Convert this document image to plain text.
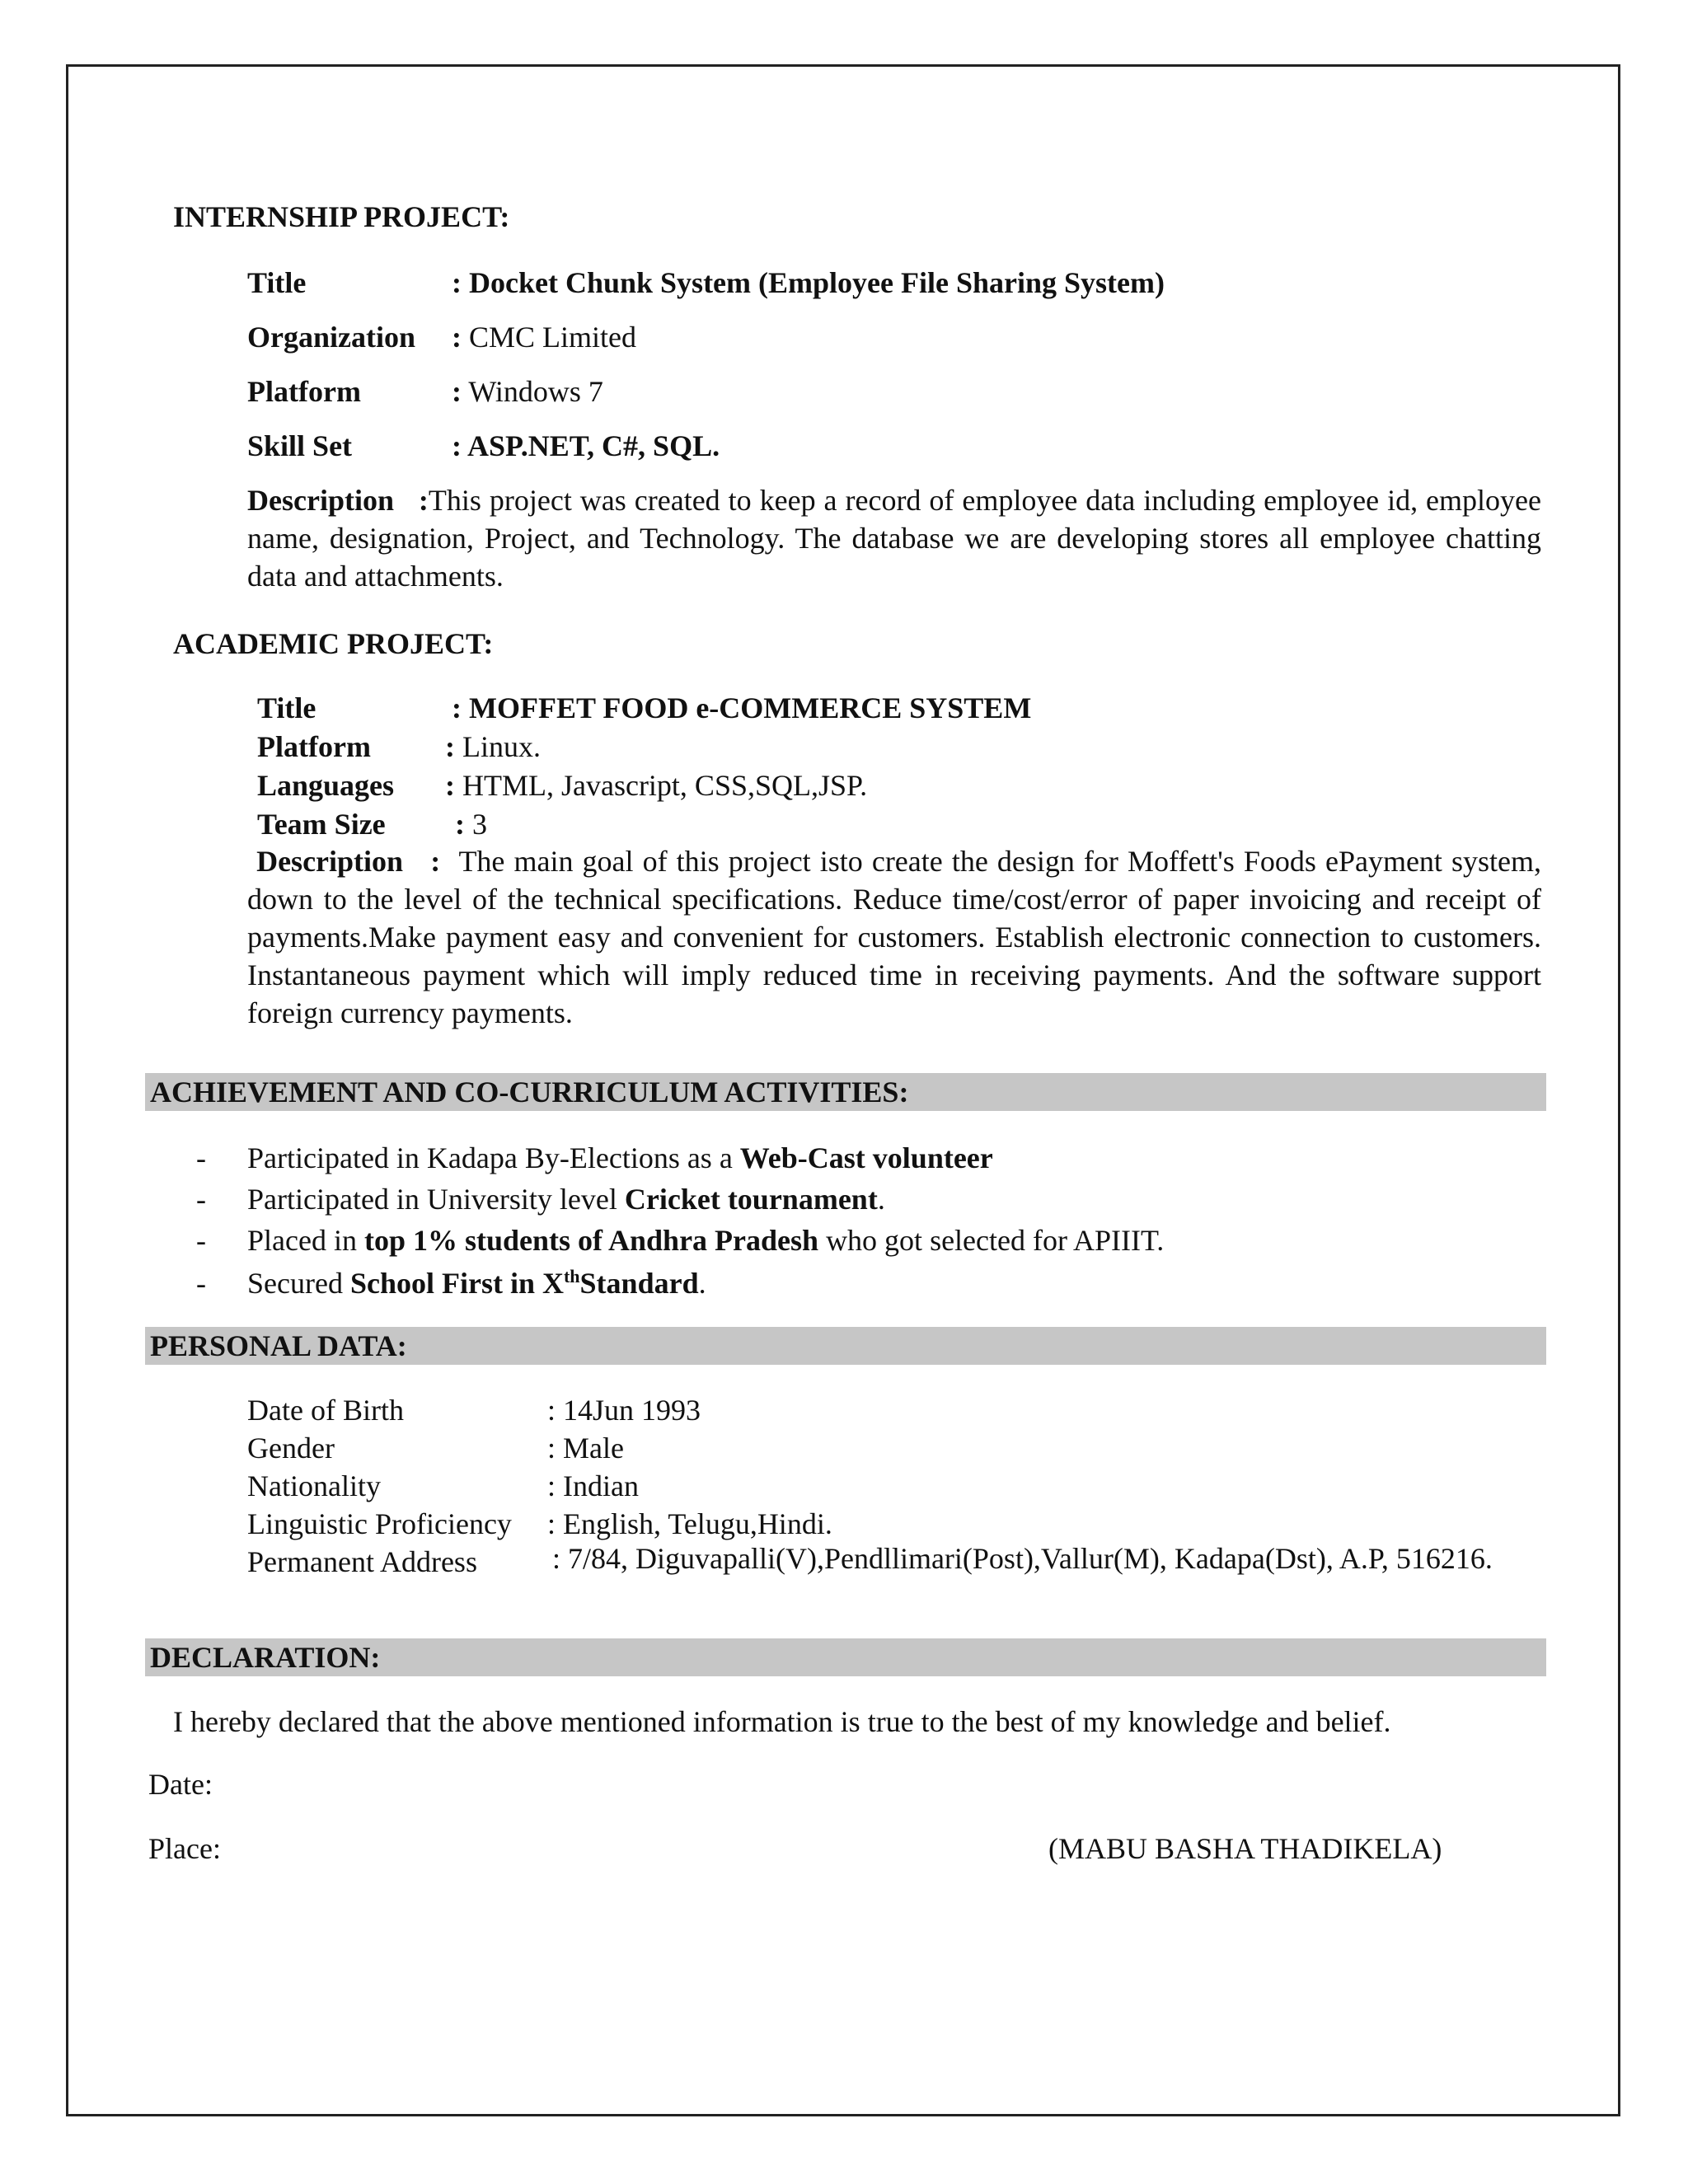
INTERNSHIP PROJECT:
Title	: Docket Chunk System (Employee File Sharing System)
Organization : CMC Limited
Platform	: Windows 7
Skill Set	: ASP.NET, C#, SQL.
Description :This project was created to keep a record of employee data including employee id, employee name, designation, Project, and Technology. The database we are developing stores all employee chatting data and attachments.
ACADEMIC PROJECT:
Title	: MOFFET FOOD e-COMMERCE SYSTEM
Platform	: Linux.
Languages : HTML, Javascript, CSS,SQL,JSP.
Team Size : 3
Description : The main goal of this project isto create the design for Moffett's Foods ePayment system, down to the level of the technical specifications. Reduce time/cost/error of paper invoicing and receipt of payments.Make payment easy and convenient for customers. Establish electronic connection to customers. Instantaneous payment which will imply reduced time in receiving payments. And the software support foreign currency payments.
ACHIEVEMENT AND CO-CURRICULUM ACTIVITIES:
- Participated in Kadapa By-Elections as a Web-Cast volunteer
- Participated in University level Cricket tournament.
- Placed in top 1% students of Andhra Pradesh who got selected for APIIIT.
- Secured School First in XthStandard.
PERSONAL DATA:
Date of Birth	: 14Jun 1993
Gender	: Male
Nationality	: Indian
Linguistic Proficiency : English, Telugu,Hindi.
Permanent Address	: 7/84, Diguvapalli(V),Pendllimari(Post),Vallur(M), Kadapa(Dst), A.P, 516216.
DECLARATION:
I hereby declared that the above mentioned information is true to the best of my knowledge and belief.
Date:
Place:	(MABU BASHA THADIKELA)
